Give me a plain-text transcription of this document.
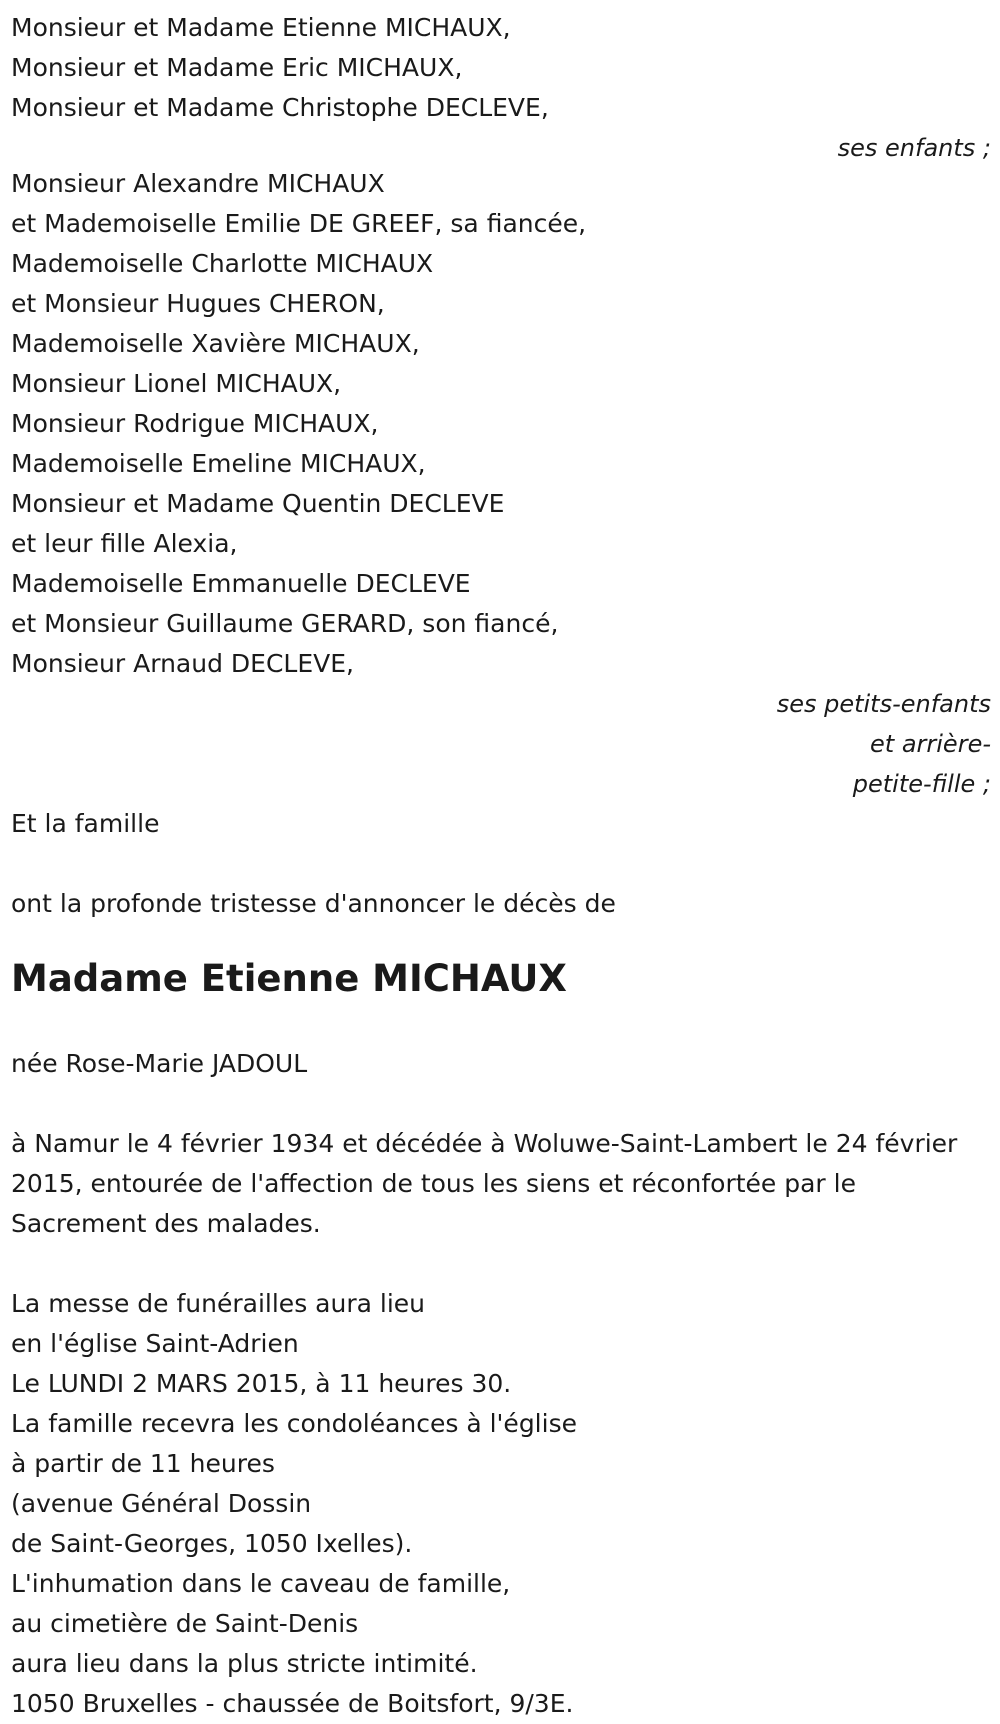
Monsieur et Madame Etienne MICHAUX,
Monsieur et Madame Eric MICHAUX,
Monsieur et Madame Christophe DECLEVE,
ses enfants ;
Monsieur Alexandre MICHAUX
et Mademoiselle Emilie DE GREEF, sa fiancée,
Mademoiselle Charlotte MICHAUX
et Monsieur Hugues CHERON,
Mademoiselle Xavière MICHAUX,
Monsieur Lionel MICHAUX,
Monsieur Rodrigue MICHAUX,
Mademoiselle Emeline MICHAUX,
Monsieur et Madame Quentin DECLEVE
et leur fille Alexia,
Mademoiselle Emmanuelle DECLEVE
et Monsieur Guillaume GERARD, son fiancé,
Monsieur Arnaud DECLEVE,
ses petits-enfants
et arrière-
petite-fille ;
Et la famille
ont la profonde tristesse d'annoncer le décès de
Madame Etienne MICHAUX
née Rose-Marie JADOUL

à Namur le 4 février 1934 et décédée à Woluwe-Saint-Lambert le 24 février 2015, entourée de l'affection de tous les siens et réconfortée par le Sacrement des malades.

La messe de funérailles aura lieu
en l'église Saint-Adrien
Le LUNDI 2 MARS 2015, à 11 heures 30.
La famille recevra les condoléances à l'église
à partir de 11 heures
(avenue Général Dossin
de Saint-Georges, 1050 Ixelles).
L'inhumation dans le caveau de famille,
au cimetière de Saint-Denis
aura lieu dans la plus stricte intimité.
1050 Bruxelles - chaussée de Boitsfort, 9/3E.
